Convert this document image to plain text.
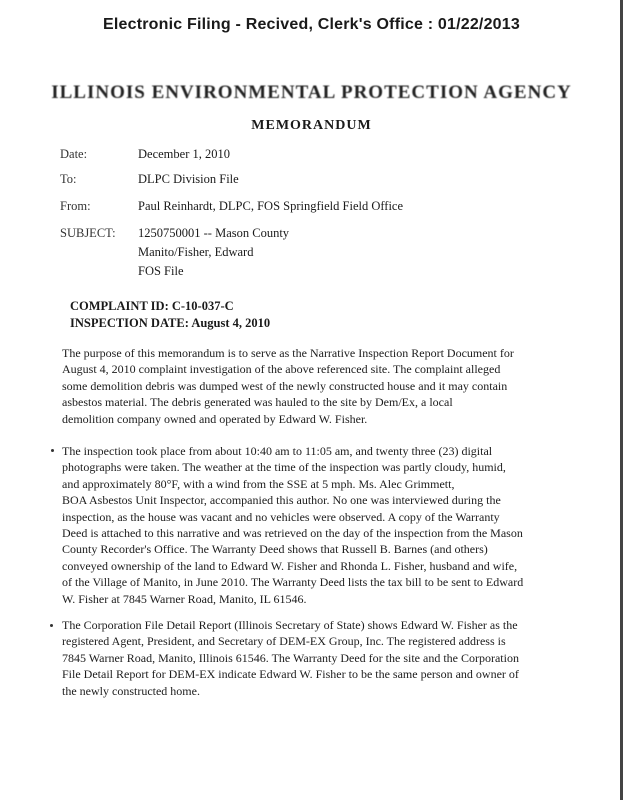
Electronic Filing - Recived, Clerk's Office : 01/22/2013
ILLINOIS ENVIRONMENTAL PROTECTION AGENCY
MEMORANDUM
Date:	December 1, 2010
To:	DLPC Division File
From:	Paul Reinhardt, DLPC, FOS Springfield Field Office
SUBJECT:	1250750001 -- Mason County
Manito/Fisher, Edward
FOS File
COMPLAINT ID: C-10-037-C
INSPECTION DATE: August 4, 2010
The purpose of this memorandum is to serve as the Narrative Inspection Report Document for
August 4, 2010 complaint investigation of the above referenced site. The complaint alleged
some demolition debris was dumped west of the newly constructed house and it may contain
asbestos material. The debris generated was hauled to the site by Dem/Ex, a local
demolition company owned and operated by Edward W. Fisher.
The inspection took place from about 10:40 am to 11:05 am, and twenty three (23) digital
photographs were taken. The weather at the time of the inspection was partly cloudy, humid,
and approximately 80°F, with a wind from the SSE at 5 mph. Ms. Alec Grimmett,
BOA Asbestos Unit Inspector, accompanied this author. No one was interviewed during the
inspection, as the house was vacant and no vehicles were observed. A copy of the Warranty
Deed is attached to this narrative and was retrieved on the day of the inspection from the Mason
County Recorder's Office. The Warranty Deed shows that Russell B. Barnes (and others)
conveyed ownership of the land to Edward W. Fisher and Rhonda L. Fisher, husband and wife,
of the Village of Manito, in June 2010. The Warranty Deed lists the tax bill to be sent to Edward
W. Fisher at 7845 Warner Road, Manito, IL 61546.
The Corporation File Detail Report (Illinois Secretary of State) shows Edward W. Fisher as the
registered Agent, President, and Secretary of DEM-EX Group, Inc. The registered address is
7845 Warner Road, Manito, Illinois 61546. The Warranty Deed for the site and the Corporation
File Detail Report for DEM-EX indicate Edward W. Fisher to be the same person and owner of
the newly constructed home.
